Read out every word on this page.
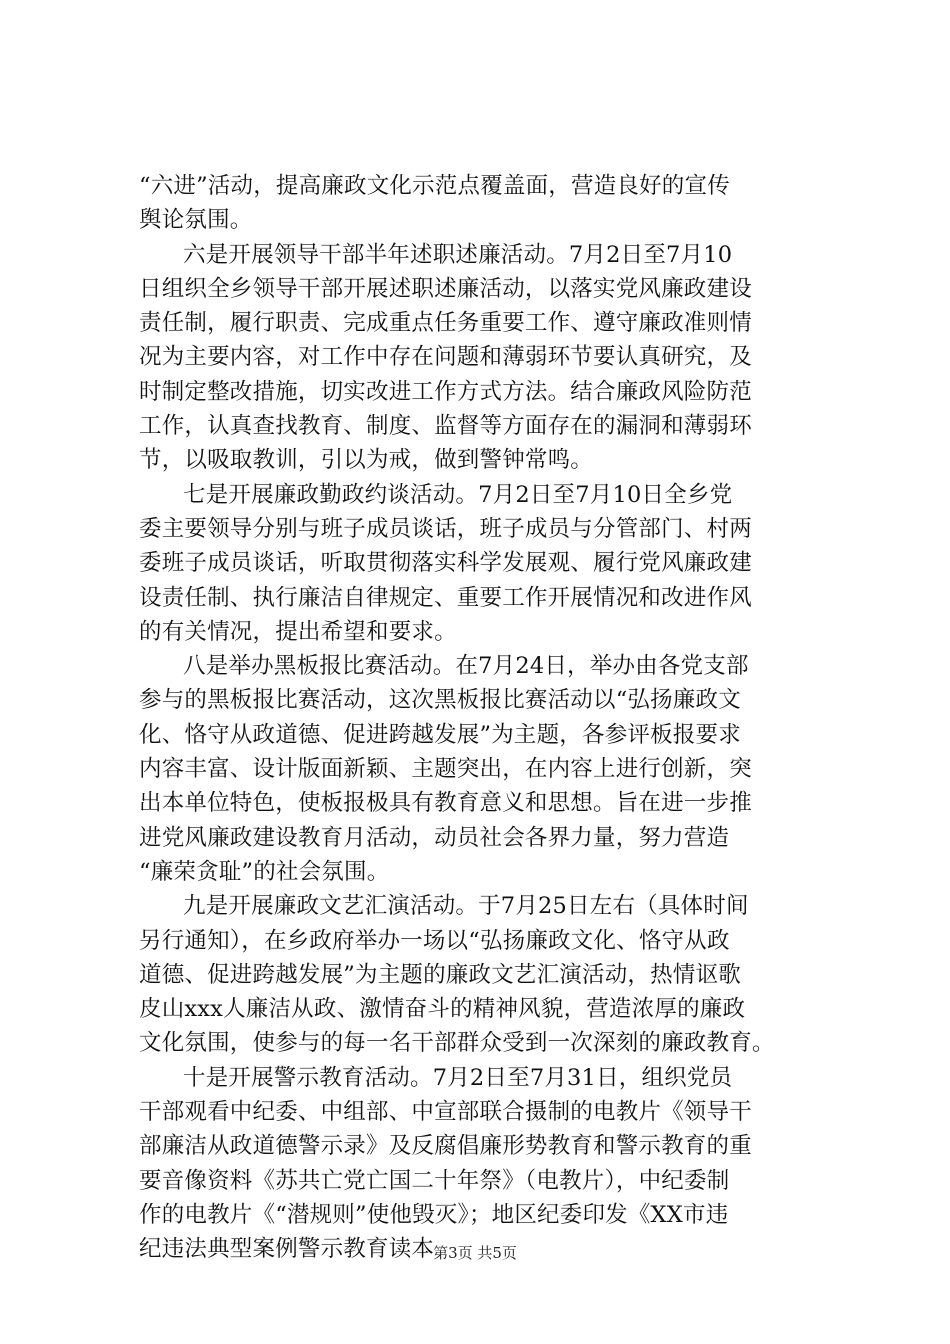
“六进”活动，提高廉政文化示范点覆盖面，营造良好的宣传
舆论氛围。
六是开展领导干部半年述职述廉活动。7月2日至7月10
日组织全乡领导干部开展述职述廉活动，以落实党风廉政建设
责任制，履行职责、完成重点任务重要工作、遵守廉政准则情
况为主要内容，对工作中存在问题和薄弱环节要认真研究，及
时制定整改措施，切实改进工作方式方法。结合廉政风险防范
工作，认真查找教育、制度、监督等方面存在的漏洞和薄弱环
节，以吸取教训，引以为戒，做到警钟常鸣。
七是开展廉政勤政约谈活动。7月2日至7月10日全乡党
委主要领导分别与班子成员谈话，班子成员与分管部门、村两
委班子成员谈话，听取贯彻落实科学发展观、履行党风廉政建
设责任制、执行廉洁自律规定、重要工作开展情况和改进作风
的有关情况，提出希望和要求。
八是举办黑板报比赛活动。在7月24日，举办由各党支部
参与的黑板报比赛活动，这次黑板报比赛活动以“弘扬廉政文
化、恪守从政道德、促进跨越发展”为主题，各参评板报要求
内容丰富、设计版面新颖、主题突出，在内容上进行创新，突
出本单位特色，使板报极具有教育意义和思想。旨在进一步推
进党风廉政建设教育月活动，动员社会各界力量，努力营造
“廉荣贪耻”的社会氛围。
九是开展廉政文艺汇演活动。于7月25日左右（具体时间
另行通知），在乡政府举办一场以“弘扬廉政文化、恪守从政
道德、促进跨越发展”为主题的廉政文艺汇演活动，热情讴歌
皮山xxx人廉洁从政、激情奋斗的精神风貌，营造浓厚的廉政
文化氛围，使参与的每一名干部群众受到一次深刻的廉政教育。
十是开展警示教育活动。7月2日至7月31日，组织党员
干部观看中纪委、中组部、中宣部联合摄制的电教片《领导干
部廉洁从政道德警示录》及反腐倡廉形势教育和警示教育的重
要音像资料《苏共亡党亡国二十年祭》（电教片），中纪委制
作的电教片《“潜规则”使他毁灭》；地区纪委印发《XX市违
纪违法典型案例警示教育读本
第3页 共5页
